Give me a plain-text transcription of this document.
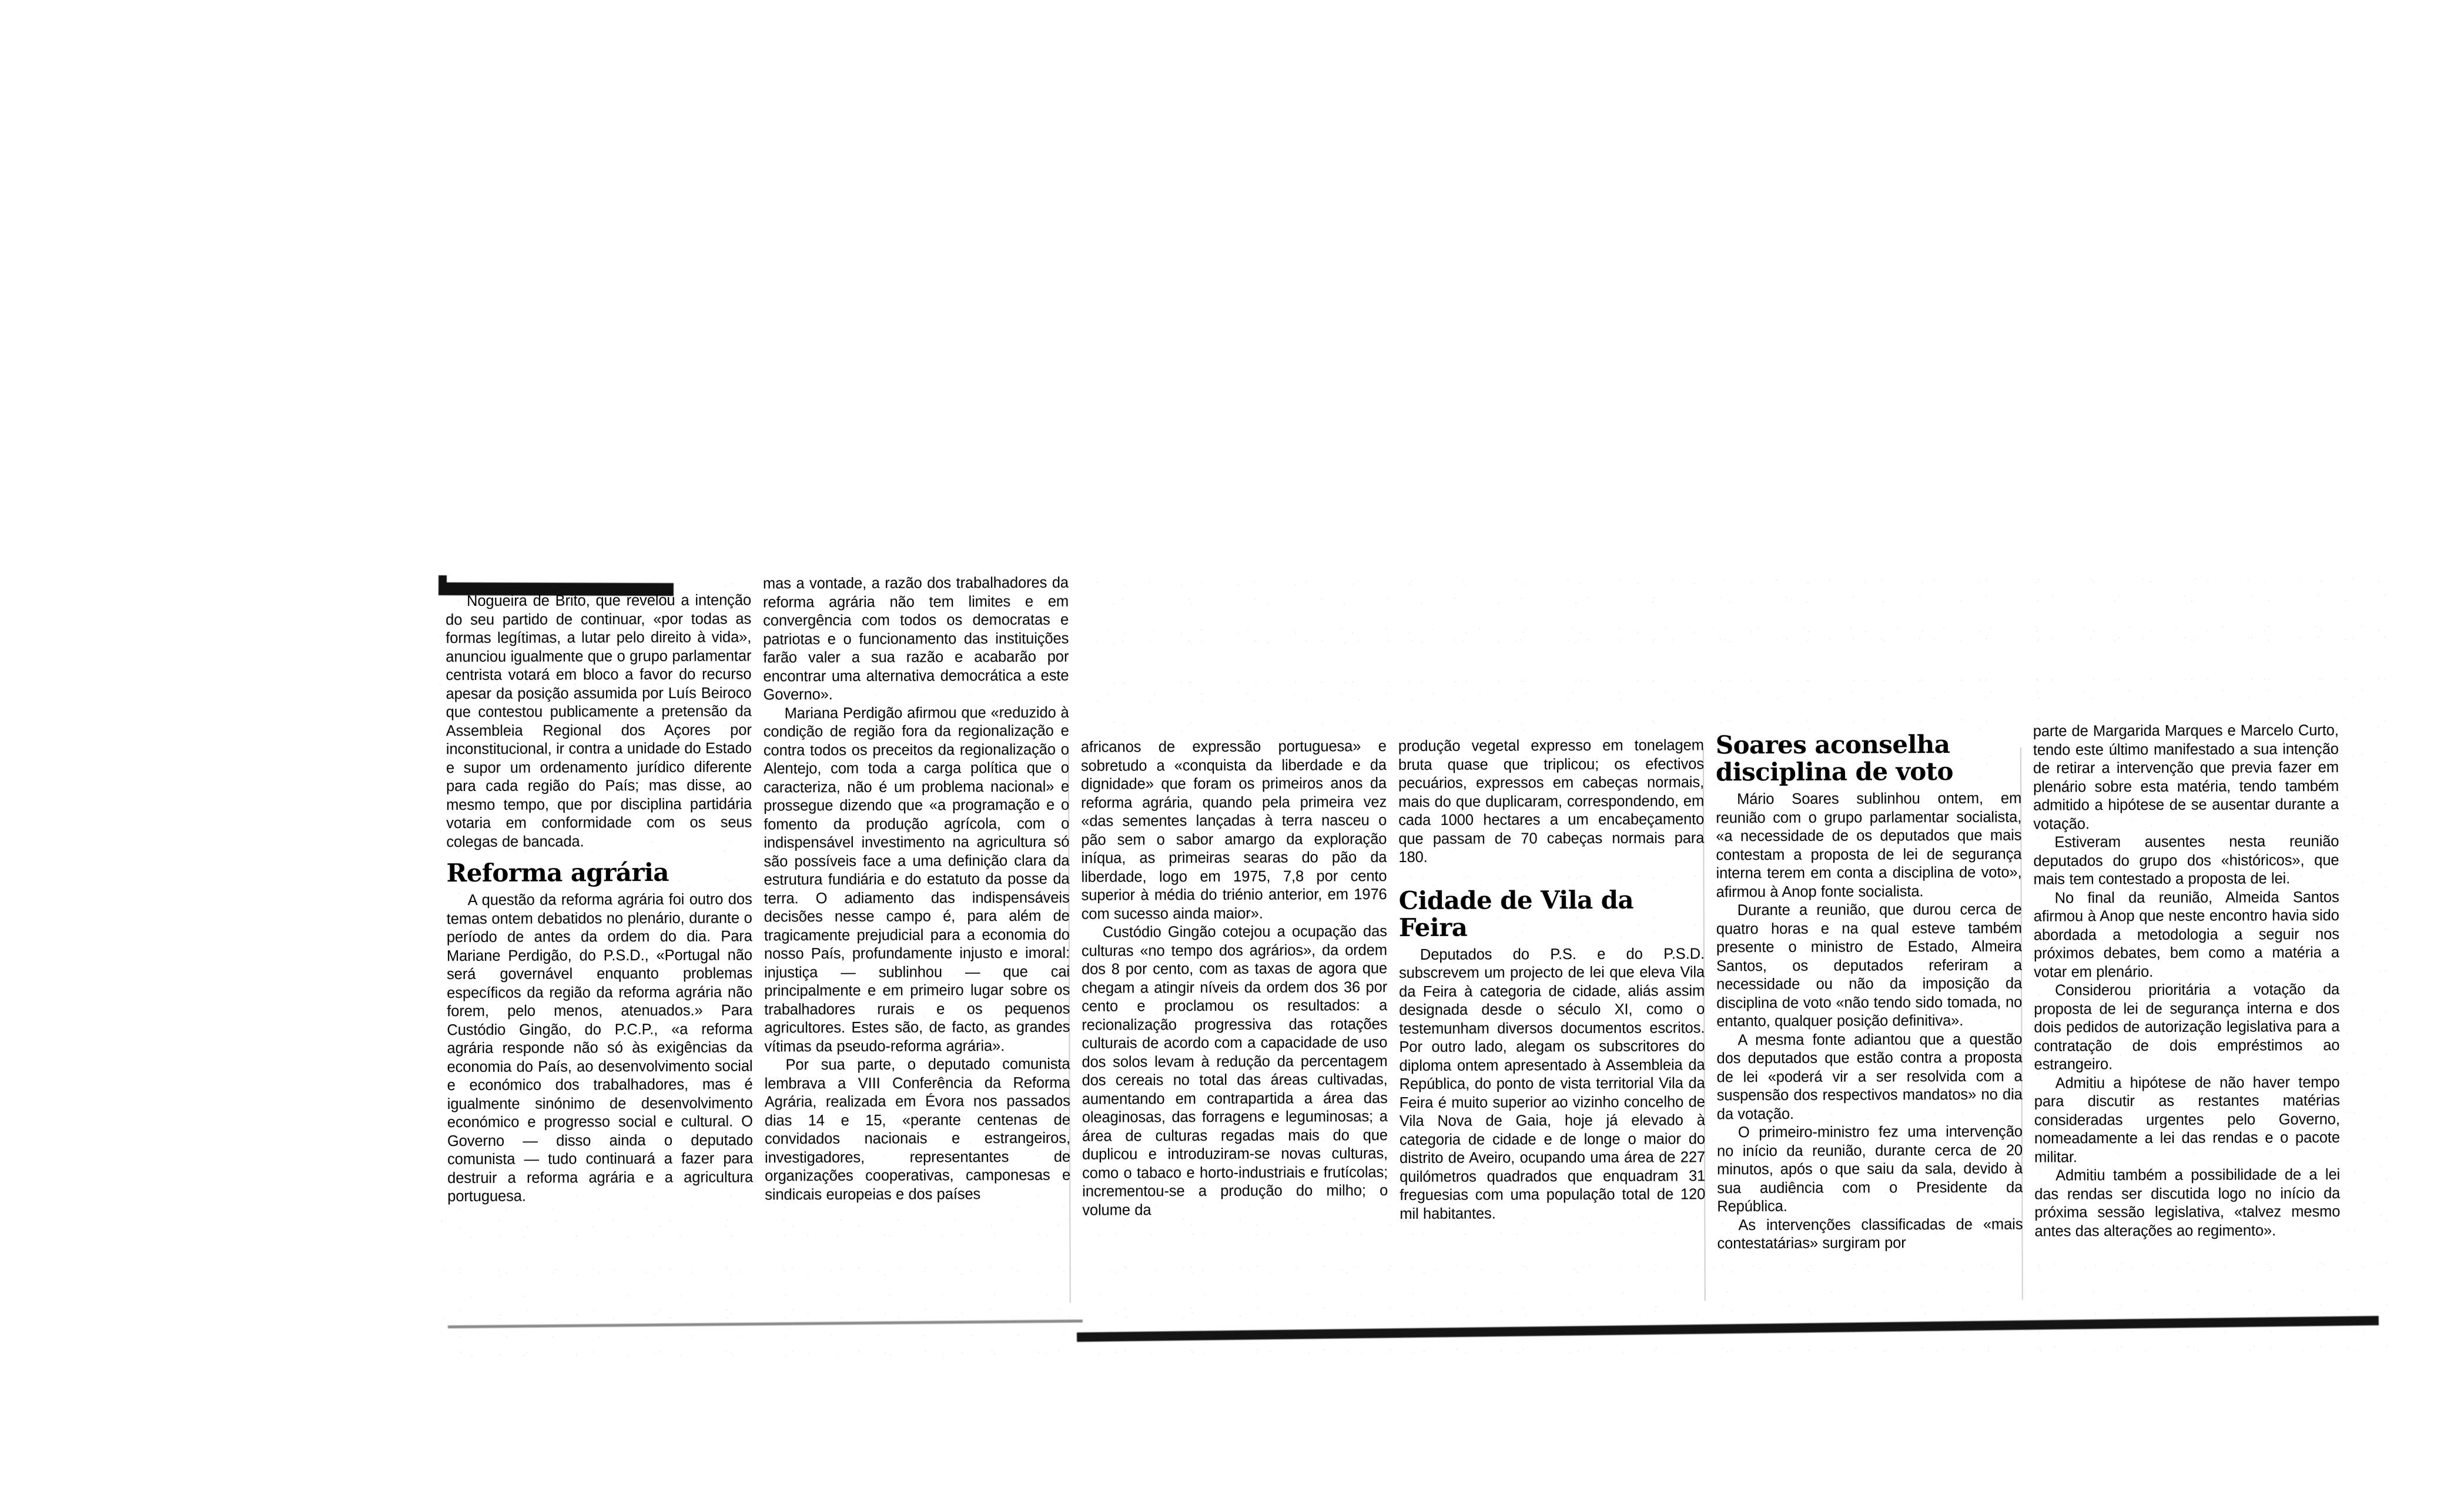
Nogueira de Brito, que revelou a intenção do seu partido de continuar, «por todas as formas legítimas, a lutar pelo direito à vida», anunciou igualmente que o grupo parlamentar centrista votará em bloco a favor do recurso apesar da posição assumida por Luís Beiroco que contestou publicamente a pretensão da Assembleia Regional dos Açores por inconstitucional, ir contra a unidade do Estado e supor um ordenamento jurídico diferente para cada região do País; mas disse, ao mesmo tempo, que por disciplina partidária votaria em conformidade com os seus colegas de bancada.

Reforma agrária

A questão da reforma agrária foi outro dos temas ontem debatidos no plenário, durante o período de antes da ordem do dia. Para Mariane Perdigão, do P.S.D., «Portugal não será governável enquanto problemas específicos da região da reforma agrária não forem, pelo menos, atenuados.» Para Custódio Gingão, do P.C.P., «a reforma agrária responde não só às exigências da economia do País, ao desenvolvimento social e económico dos trabalhadores, mas é igualmente sinónimo de desenvolvimento económico e progresso social e cultural. O Governo — disso ainda o deputado comunista — tudo continuará a fazer para destruir a reforma agrária e a agricultura portuguesa.

mas a vontade, a razão dos trabalhadores da reforma agrária não tem limites e em convergência com todos os democratas e patriotas e o funcionamento das instituições farão valer a sua razão e acabarão por encontrar uma alternativa democrática a este Governo».

Mariana Perdigão afirmou que «reduzido à condição de região fora da regionalização e contra todos os preceitos da regionalização o Alentejo, com toda a carga política que o caracteriza, não é um problema nacional» e prossegue dizendo que «a programação e o fomento da produção agrícola, com o indispensável investimento na agricultura só são possíveis face a uma definição clara da estrutura fundiária e do estatuto da posse da terra. O adiamento das indispensáveis decisões nesse campo é, para além de tragicamente prejudicial para a economia do nosso País, profundamente injusto e imoral: injustiça — sublinhou — que cai principalmente e em primeiro lugar sobre os trabalhadores rurais e os pequenos agricultores. Estes são, de facto, as grandes vítimas da pseudo-reforma agrária».

Por sua parte, o deputado comunista lembrava a VIII Conferência da Reforma Agrária, realizada em Évora nos passados dias 14 e 15, «perante centenas de convidados nacionais e estrangeiros, investigadores, representantes de organizações cooperativas, camponesas e sindicais europeias e dos países

africanos de expressão portuguesa» e sobretudo a «conquista da liberdade e da dignidade» que foram os primeiros anos da reforma agrária, quando pela primeira vez «das sementes lançadas à terra nasceu o pão sem o sabor amargo da exploração iníqua, as primeiras searas do pão da liberdade, logo em 1975, 7,8 por cento superior à média do triénio anterior, em 1976 com sucesso ainda maior».

Custódio Gingão cotejou a ocupação das culturas «no tempo dos agrários», da ordem dos 8 por cento, com as taxas de agora que chegam a atingir níveis da ordem dos 36 por cento e proclamou os resultados: a recionalização progressiva das rotações culturais de acordo com a capacidade de uso dos solos levam à redução da percentagem dos cereais no total das áreas cultivadas, aumentando em contrapartida a área das oleaginosas, das forragens e leguminosas; a área de culturas regadas mais do que duplicou e introduziram-se novas culturas, como o tabaco e horto-industriais e frutícolas; incrementou-se a produção do milho; o volume da

produção vegetal expresso em tonelagem bruta quase que triplicou; os efectivos pecuários, expressos em cabeças normais, mais do que duplicaram, correspondendo, em cada 1000 hectares a um encabeçamento que passam de 70 cabeças normais para 180.

Cidade de Vila da Feira

Deputados do P.S. e do P.S.D. subscrevem um projecto de lei que eleva Vila da Feira à categoria de cidade, aliás assim designada desde o século XI, como o testemunham diversos documentos escritos. Por outro lado, alegam os subscritores do diploma ontem apresentado à Assembleia da República, do ponto de vista territorial Vila da Feira é muito superior ao vizinho concelho de Vila Nova de Gaia, hoje já elevado à categoria de cidade e de longe o maior do distrito de Aveiro, ocupando uma área de 227 quilómetros quadrados que enquadram 31 freguesias com uma população total de 120 mil habitantes.

Soares aconselha disciplina de voto

Mário Soares sublinhou ontem, em reunião com o grupo parlamentar socialista, «a necessidade de os deputados que mais contestam a proposta de lei de segurança interna terem em conta a disciplina de voto», afirmou à Anop fonte socialista.

Durante a reunião, que durou cerca de quatro horas e na qual esteve também presente o ministro de Estado, Almeira Santos, os deputados referiram a necessidade ou não da imposição da disciplina de voto «não tendo sido tomada, no entanto, qualquer posição definitiva».

A mesma fonte adiantou que a questão dos deputados que estão contra a proposta de lei «poderá vir a ser resolvida com a suspensão dos respectivos mandatos» no dia da votação.

O primeiro-ministro fez uma intervenção no início da reunião, durante cerca de 20 minutos, após o que saiu da sala, devido à sua audiência com o Presidente da República.

As intervenções classificadas de «mais contestatárias» surgiram por

parte de Margarida Marques e Marcelo Curto, tendo este último manifestado a sua intenção de retirar a intervenção que previa fazer em plenário sobre esta matéria, tendo também admitido a hipótese de se ausentar durante a votação.

Estiveram ausentes nesta reunião deputados do grupo dos «históricos», que mais tem contestado a proposta de lei.

No final da reunião, Almeida Santos afirmou à Anop que neste encontro havia sido abordada a metodologia a seguir nos próximos debates, bem como a matéria a votar em plenário.

Considerou prioritária a votação da proposta de lei de segurança interna e dos dois pedidos de autorização legislativa para a contratação de dois empréstimos ao estrangeiro.

Admitiu a hipótese de não haver tempo para discutir as restantes matérias consideradas urgentes pelo Governo, nomeadamente a lei das rendas e o pacote militar.

Admitiu também a possibilidade de a lei das rendas ser discutida logo no início da próxima sessão legislativa, «talvez mesmo antes das alterações ao regimento».
